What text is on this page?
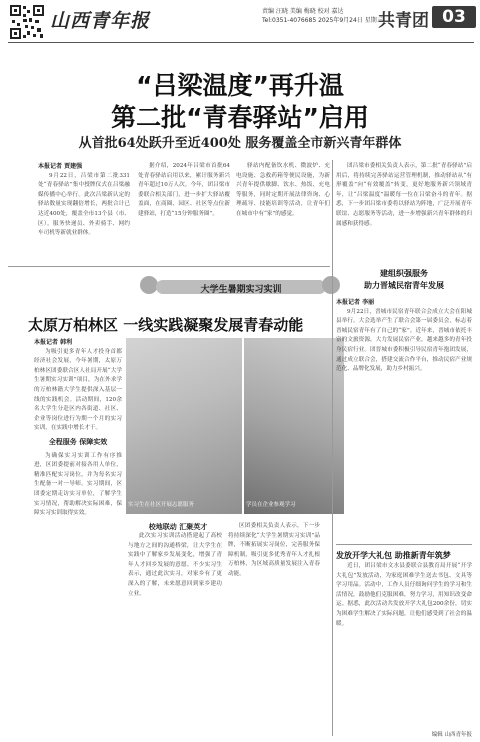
山西青年报	责编 汪晓 美编 梅晓 校对 嘉达
Tel:0351-4076685 2025年9月24日 星期三
共青团 03
“吕梁温度”再升温
第二批“青春驿站”启用
从首批64处跃升至近400处 服务覆盖全市新兴青年群体
本报记者 贾建强

9月22日，吕梁市第二批331处“青春驿站”集中授牌仪式在吕梁融媒传播中心举行。此次吕梁新认定的驿站数量实现翻倍增长，两批合计已达近400处，覆盖全市13个县（市、区），服务快递员、外卖骑手、网约车司机等新就业群体。

据介绍，2024年吕梁市首批64处青春驿站启用以来，累计服务新兴青年超过10万人次。今年，团吕梁市委联合相关部门，进一步扩大驿站覆盖面，在商圈、园区、社区等点位新建驿站，打造“15分钟服务圈”。

驿站内配备饮水机、微波炉、充电设施、急救药箱等便民设施，为新兴青年提供歇脚、饮水、热饭、充电等服务，同时定期开展法律咨询、心理疏导、技能培训等活动，让青年们在城市中有“家”的感觉。

团吕梁市委相关负责人表示，第二批“青春驿站”启用后，将持续完善驿站运营管理机制，推动驿站从“有形覆盖”向“有效覆盖”转变，更好地服务新兴领域青年，让“吕梁温度”温暖每一位在吕梁奋斗的青年。据悉，下一步团吕梁市委将以驿站为阵地，广泛开展青年联谊、志愿服务等活动，进一步增强新兴青年群体的归属感和获得感。

大学生暑期实习实训
太原万柏林区 一线实践凝聚发展青春动能
本报记者 韩利

为吸引更多青年人才投身首都经济社会发展，今年暑期，太原万柏林区团委联合区人社局开展“大学生暑期实习实训”项目，为在外求学的万柏林籍大学生提供深入基层一线的实践机会。活动期间，120余名大学生分赴区内各街道、社区、企业等岗位进行为期一个月的实习实训，在实践中增长才干。

全程服务 保障实效

为确保实习实训工作有序推进，区团委提前对接各用人单位，精准匹配实习岗位，并为每名实习生配备一对一导师。实习期间，区团委定期走访实习单位，了解学生实习情况，帮助解决实际困难，保障实习实训取得实效。

实习生在社区开展志愿服务	学员在企业参观学习
校地联动 汇聚英才

此次实习实训活动搭建起了高校与地方之间的沟通桥梁，让大学生在实践中了解家乡发展变化，增强了青年人才回乡发展的意愿。不少实习生表示，通过此次实习，对家乡有了更深入的了解，未来愿意回到家乡建功立业。

区团委相关负责人表示，下一步将持续深化“大学生暑期实习实训”品牌，不断拓展实习岗位，完善服务保障机制，吸引更多优秀青年人才扎根万柏林，为区域高质量发展注入青春动能。

建组织强服务
助力晋城民宿青年发展
本报记者 李丽

9月22日，晋城市民宿青年联合会成立大会在阳城县举行。大会选举产生了联合会第一届委员会，标志着晋城民宿青年有了自己的“家”。近年来，晋城市依托丰富的文旅资源，大力发展民宿产业，越来越多的青年投身民宿行业。团晋城市委积极引导民宿青年抱团发展，通过成立联合会，搭建交流合作平台，推动民宿产业规范化、品牌化发展，助力乡村振兴。

发放开学大礼包 助推新青年筑梦

近日，团吕梁市文水县委联合县教育局开展“开学大礼包”发放活动，为家庭困难学生送去书包、文具等学习用品。活动中，工作人员仔细询问学生的学习和生活情况，鼓励他们克服困难，努力学习，用知识改变命运。据悉，此次活动共发放开学大礼包200余份，切实为困难学生解决了实际问题，让他们感受到了社会的温暖。

编辑 山西青年报
